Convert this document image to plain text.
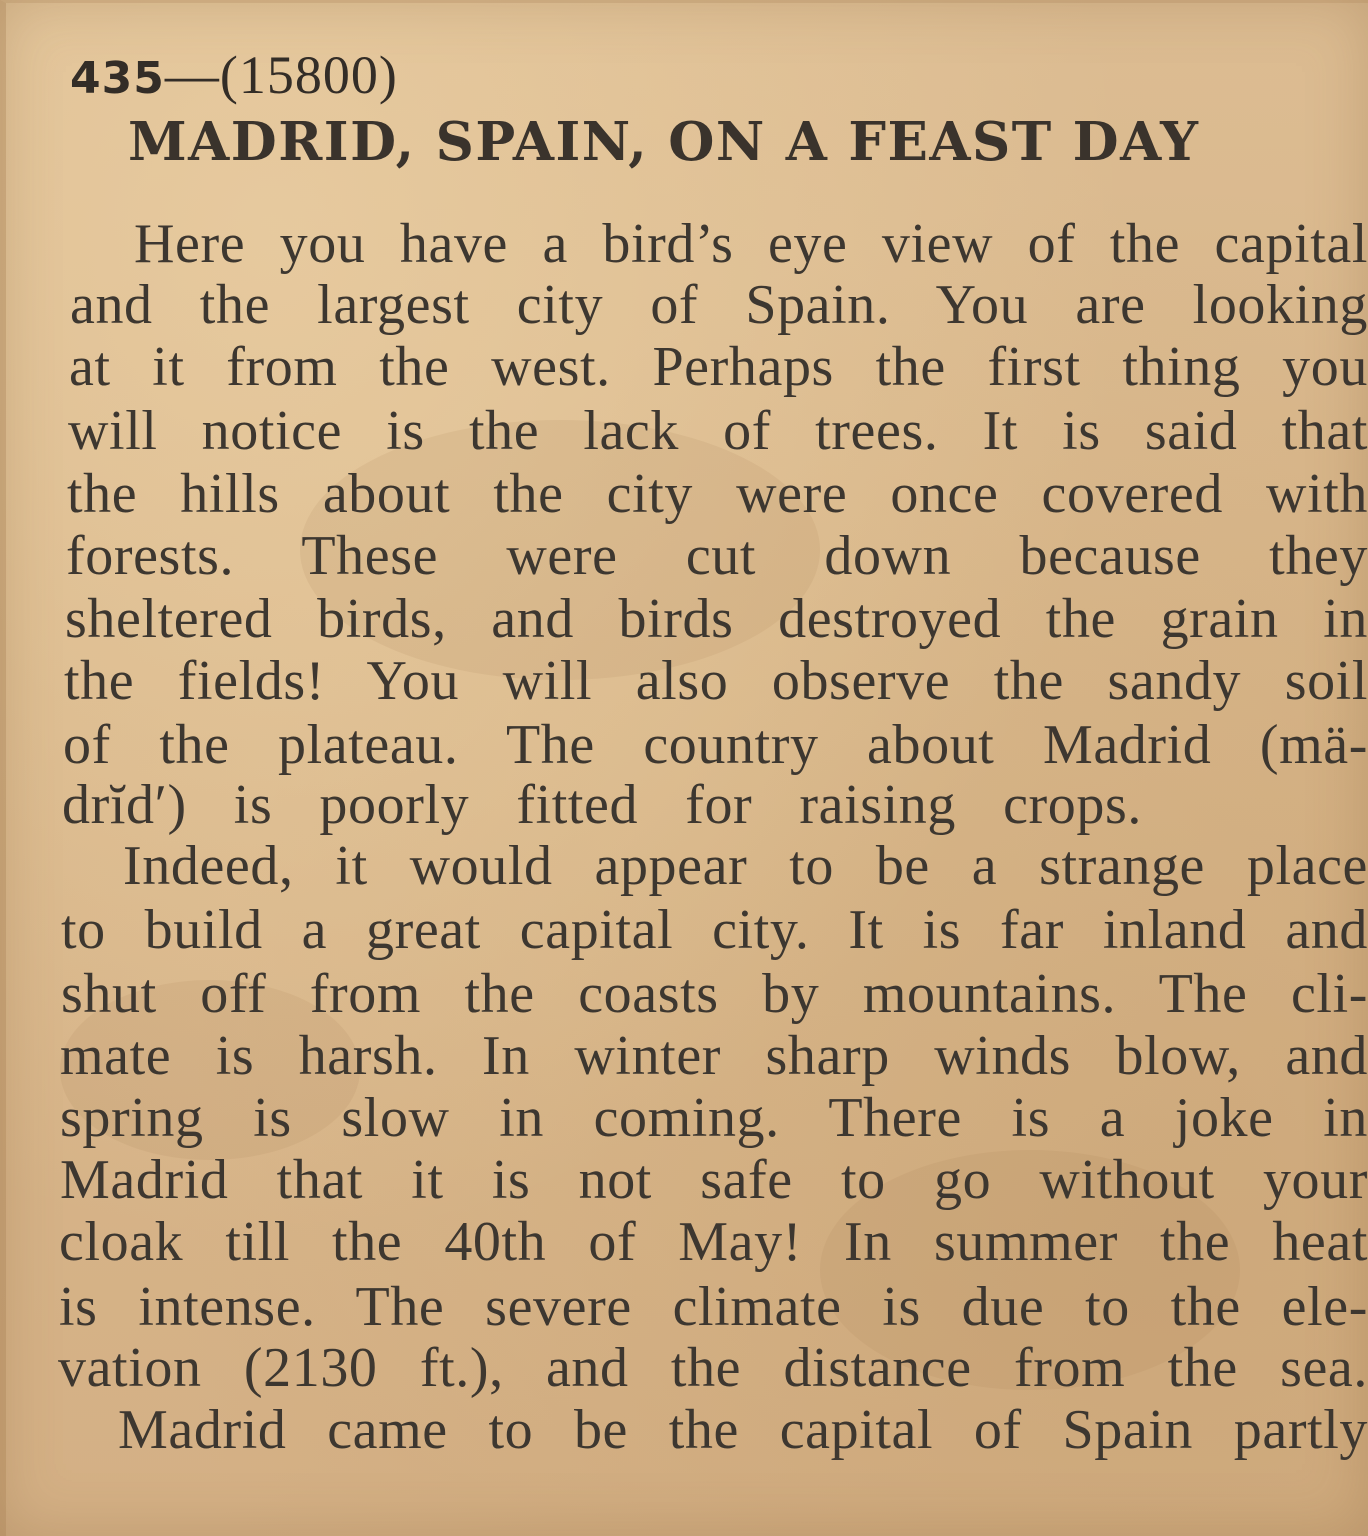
435—(15800)
MADRID, SPAIN, ON A FEAST DAY
Here you have a bird’s eye view of the capital
and the largest city of Spain. You are looking
at it from the west. Perhaps the first thing you
will notice is the lack of trees. It is said that
the hills about the city were once covered with
forests. These were cut down because they
sheltered birds, and birds destroyed the grain in
the fields! You will also observe the sandy soil
of the plateau. The country about Madrid (mä-
drĭd′) is poorly fitted for raising crops.
Indeed, it would appear to be a strange place
to build a great capital city. It is far inland and
shut off from the coasts by mountains. The cli-
mate is harsh. In winter sharp winds blow, and
spring is slow in coming. There is a joke in
Madrid that it is not safe to go without your
cloak till the 40th of May! In summer the heat
is intense. The severe climate is due to the ele-
vation (2130 ft.), and the distance from the sea.
Madrid came to be the capital of Spain partly
